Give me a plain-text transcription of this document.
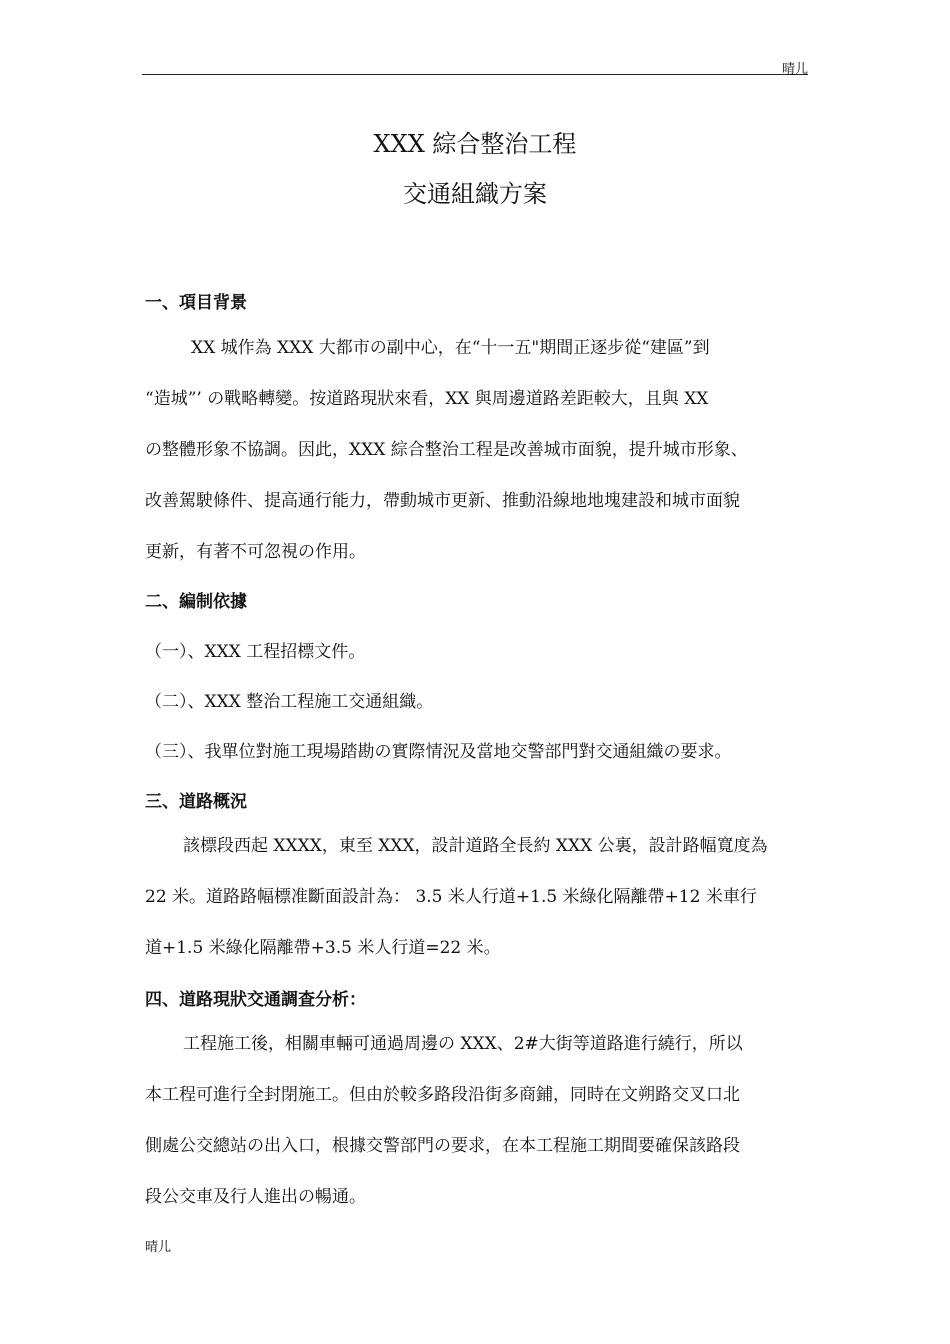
晴儿
XXX 綜合整治工程
交通組織方案
一、項目背景
XX 城作為 XXX 大都市の副中心，在“十一五"期間正逐步從“建區”到
“造城”’ の戰略轉變。按道路現狀來看，XX 與周邊道路差距較大，且與 XX
の整體形象不協調。因此，XXX 綜合整治工程是改善城市面貌，提升城市形象、
改善駕駛條件、提高通行能力，帶動城市更新、推動沿線地地塊建設和城市面貌
更新，有著不可忽視の作用。
二、編制依據
（一）、XXX 工程招標文件。
（二）、XXX 整治工程施工交通組織。
（三）、我單位對施工現場踏勘の實際情況及當地交警部門對交通組織の要求。
三、道路概況
該標段西起 XXXX，東至 XXX，設計道路全長約 XXX 公裏，設計路幅寬度為
22 米。道路路幅標准斷面設計為： 3.5 米人行道+1.5 米綠化隔離帶+12 米車行
道+1.5 米綠化隔離帶+3.5 米人行道=22 米。
四、道路現狀交通調查分析：
工程施工後，相關車輛可通過周邊の XXX、2#大街等道路進行繞行，所以
本工程可進行全封閉施工。但由於較多路段沿街多商鋪，同時在文朔路交叉口北
側處公交總站の出入口，根據交警部門の要求，在本工程施工期間要確保該路段
段公交車及行人進出の暢通。
晴儿
